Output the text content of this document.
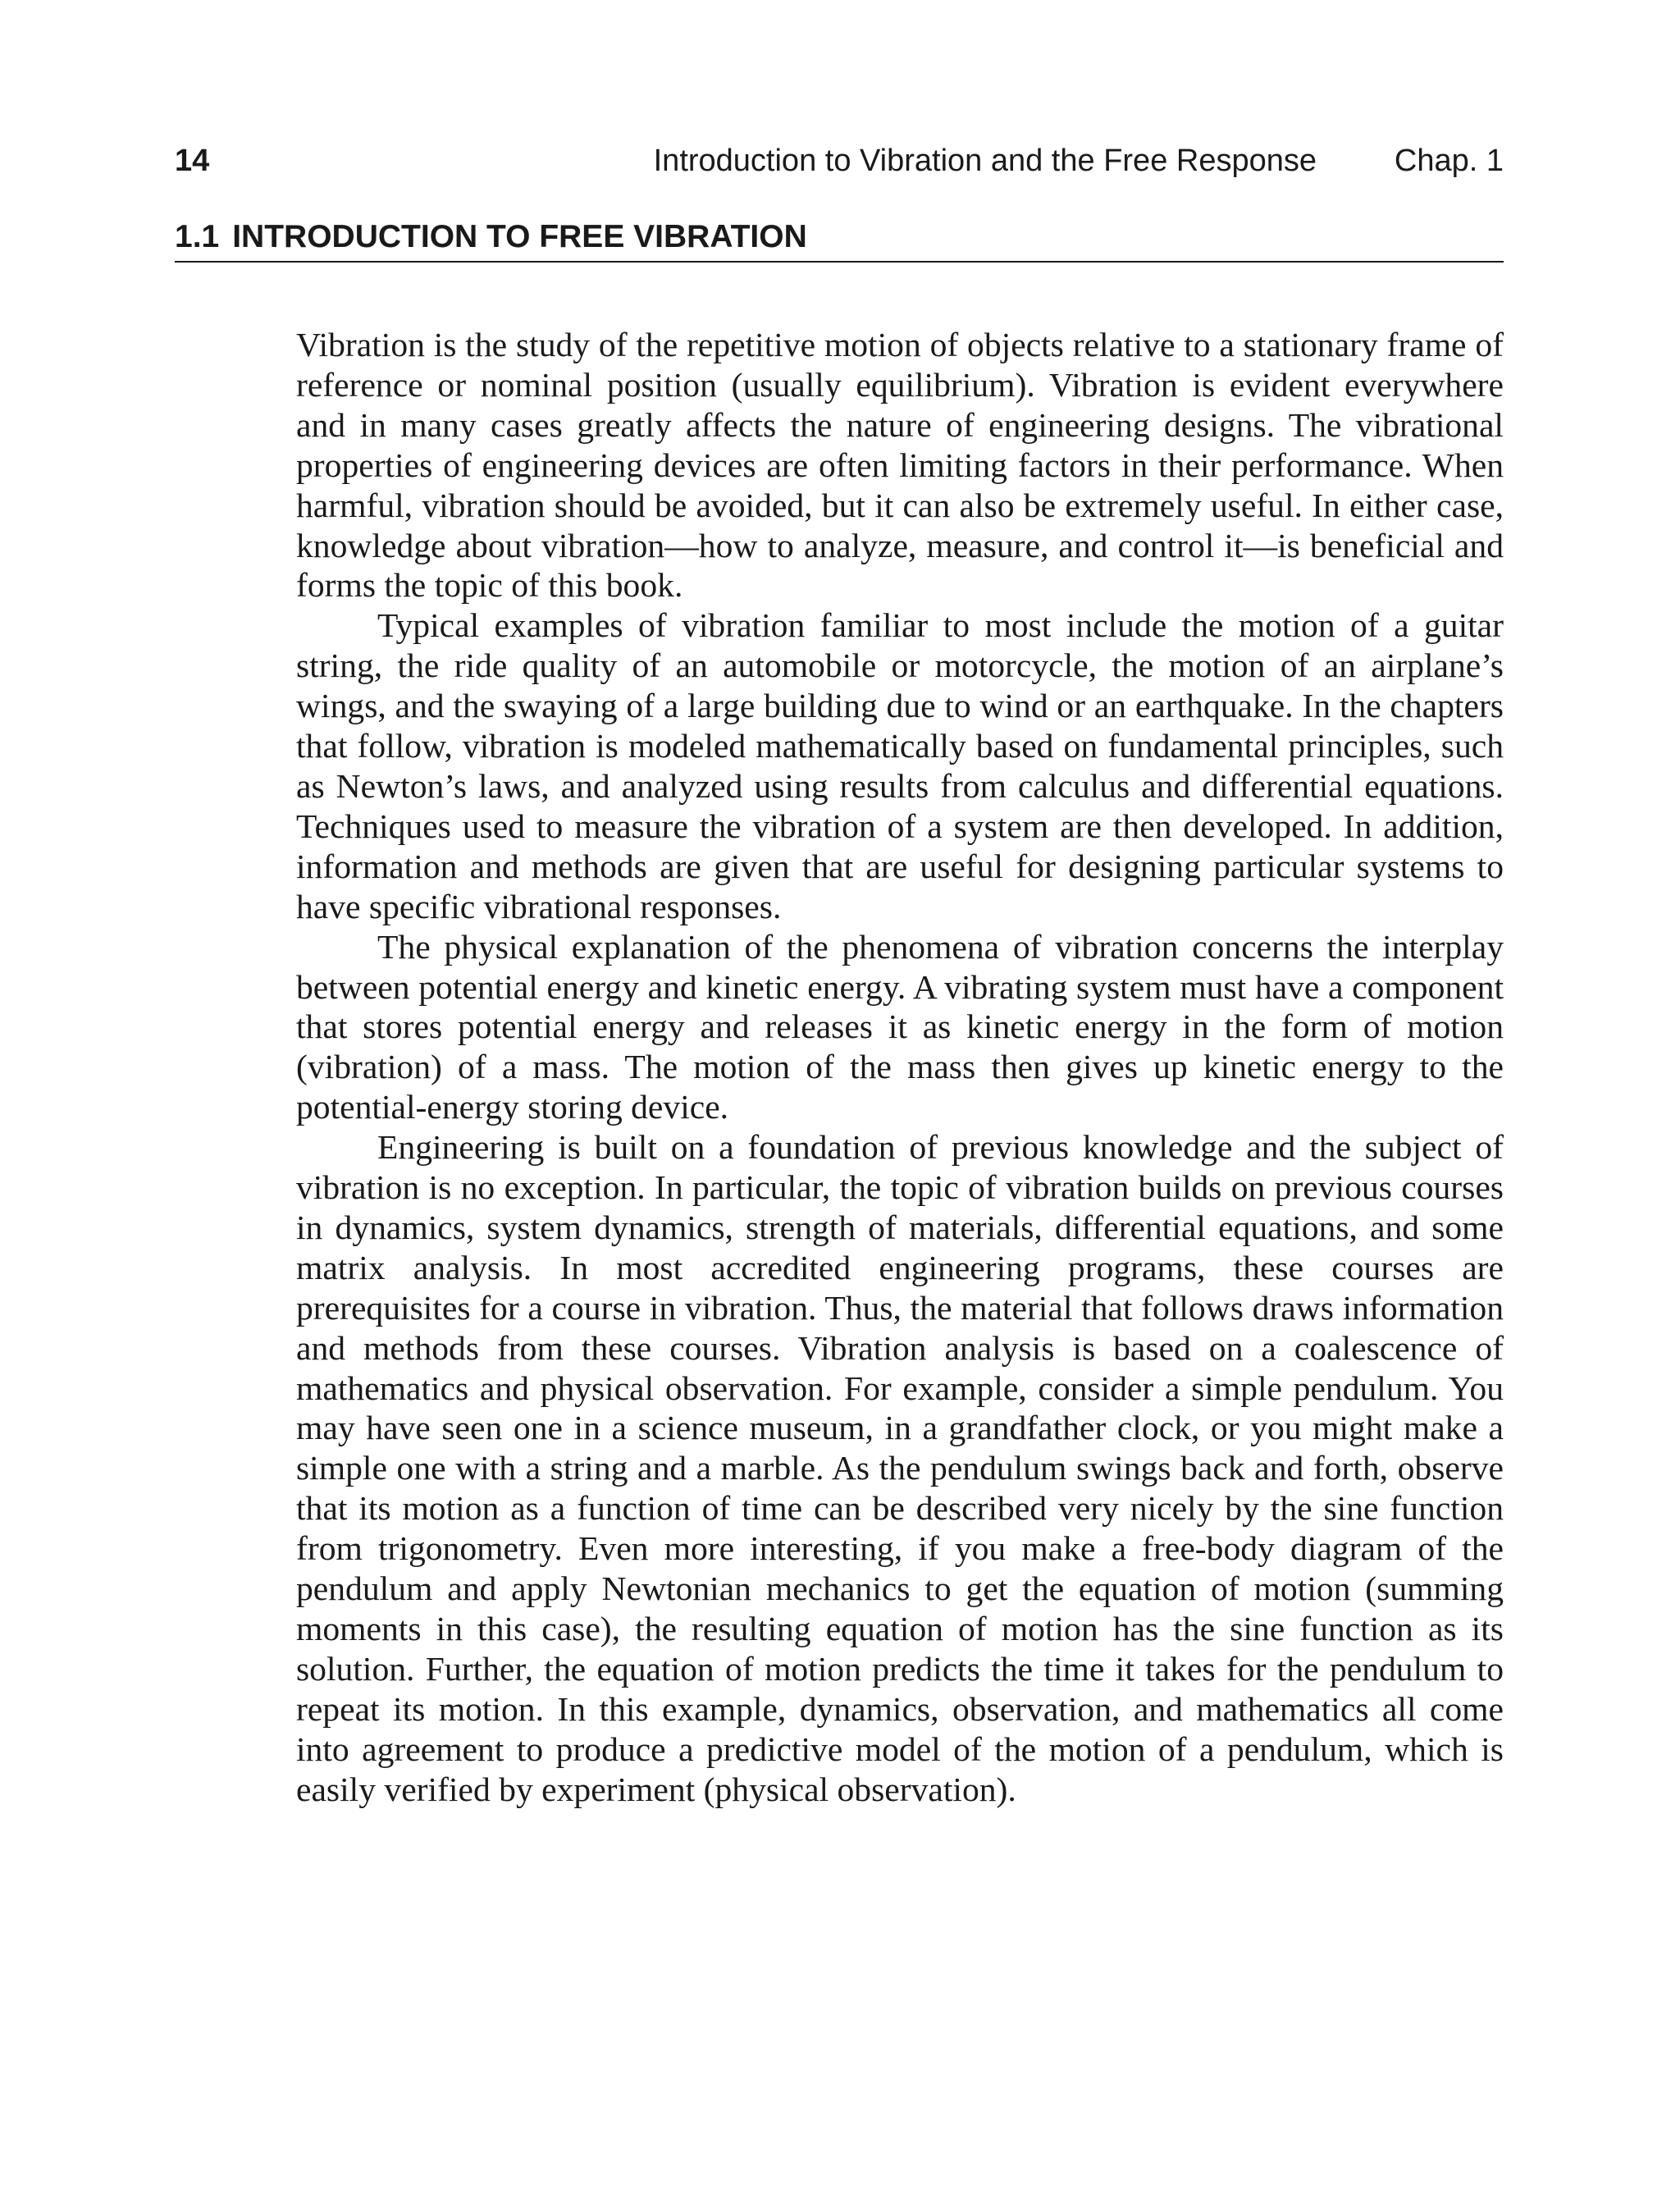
14	Introduction to Vibration and the Free Response Chap. 1
1.1 INTRODUCTION TO FREE VIBRATION

Vibration is the study of the repetitive motion of objects relative to a stationary frame of reference or nominal position (usually equilibrium). Vibration is evident everywhere and in many cases greatly affects the nature of engineering designs. The vibrational properties of engineering devices are often limiting factors in their performance. When harmful, vibration should be avoided, but it can also be extremely useful. In either case, knowledge about vibration—how to analyze, measure, and control it—is beneficial and forms the topic of this book.

Typical examples of vibration familiar to most include the motion of a guitar string, the ride quality of an automobile or motorcycle, the motion of an airplane’s wings, and the swaying of a large building due to wind or an earthquake. In the chapters that follow, vibration is modeled mathematically based on fundamental principles, such as Newton’s laws, and analyzed using results from calculus and differential equations. Techniques used to measure the vibration of a system are then developed. In addition, information and methods are given that are useful for designing particular systems to have specific vibrational responses.

The physical explanation of the phenomena of vibration concerns the interplay between potential energy and kinetic energy. A vibrating system must have a component that stores potential energy and releases it as kinetic energy in the form of motion (vibration) of a mass. The motion of the mass then gives up kinetic energy to the potential-energy storing device.

Engineering is built on a foundation of previous knowledge and the subject of vibration is no exception. In particular, the topic of vibration builds on previous courses in dynamics, system dynamics, strength of materials, differential equations, and some matrix analysis. In most accredited engineering programs, these courses are prerequisites for a course in vibration. Thus, the material that follows draws information and methods from these courses. Vibration analysis is based on a coalescence of mathematics and physical observation. For example, consider a simple pendulum. You may have seen one in a science museum, in a grandfather clock, or you might make a simple one with a string and a marble. As the pendulum swings back and forth, observe that its motion as a function of time can be described very nicely by the sine function from trigonometry. Even more interesting, if you make a free-body diagram of the pendulum and apply Newtonian mechanics to get the equation of motion (summing moments in this case), the resulting equation of motion has the sine function as its solution. Further, the equation of motion predicts the time it takes for the pendulum to repeat its motion. In this example, dynamics, observation, and mathematics all come into agreement to produce a predictive model of the motion of a pendulum, which is easily verified by experiment (physical observation).
